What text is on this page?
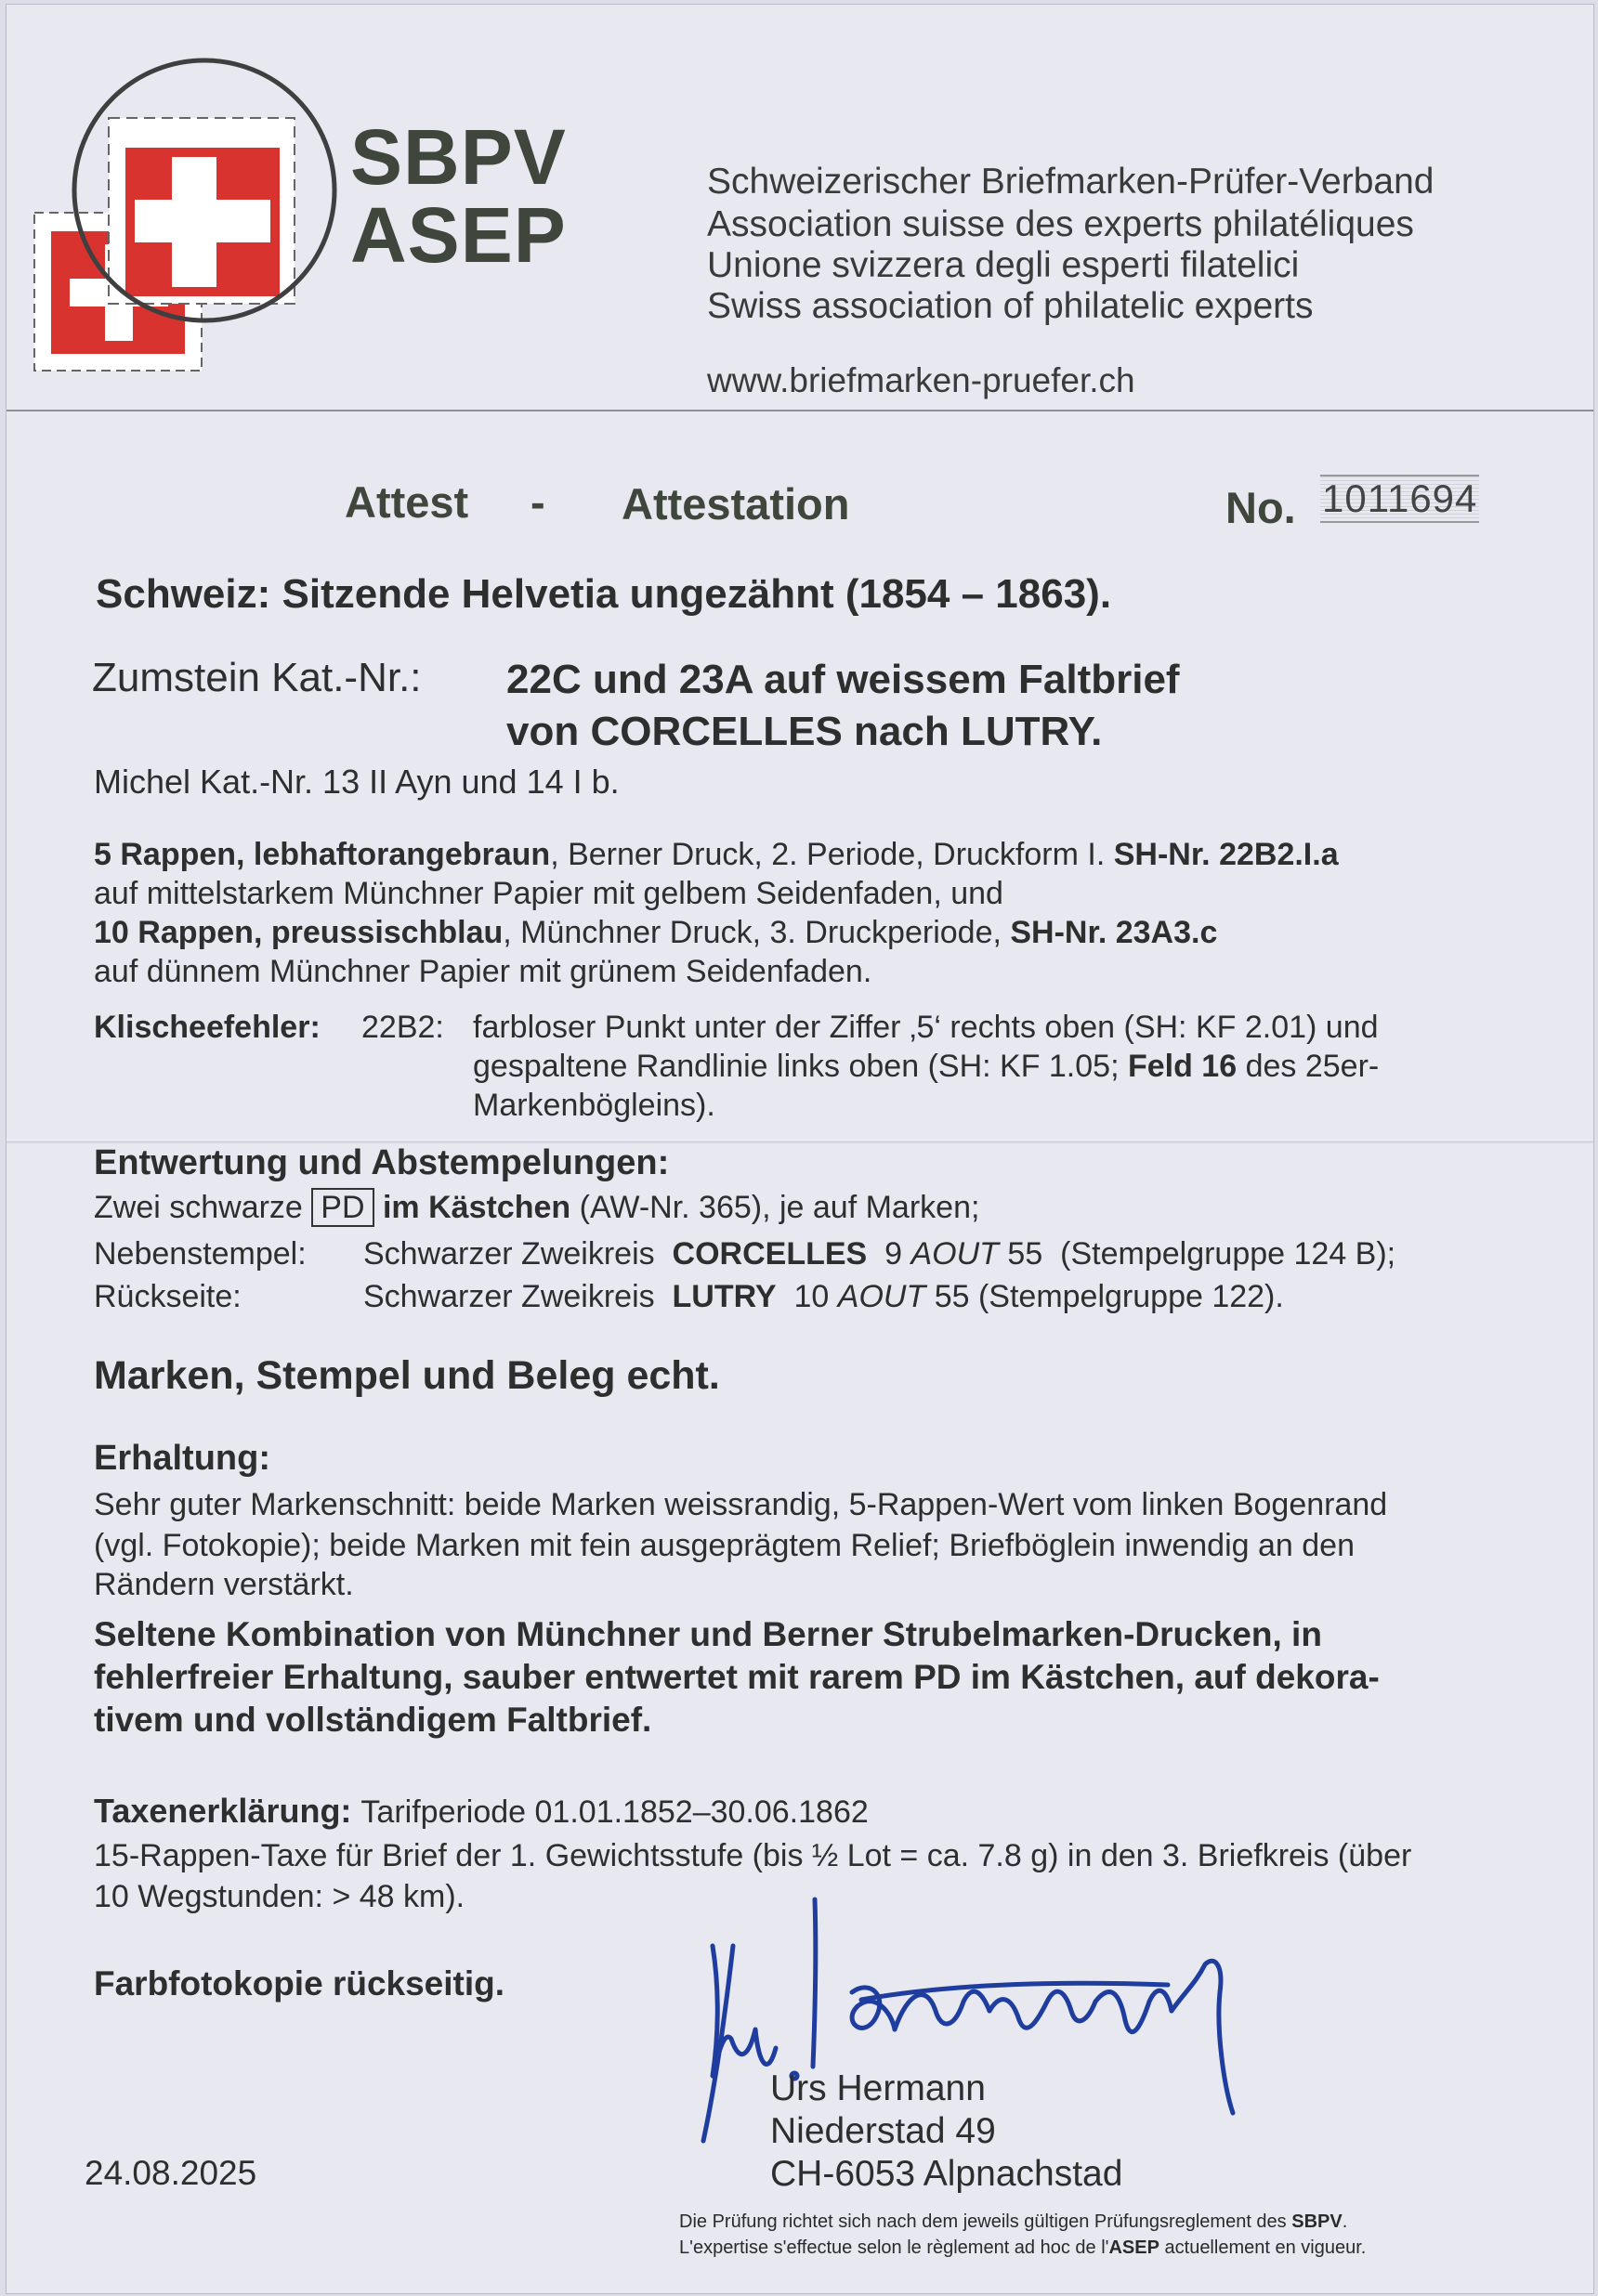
SBPV
ASEP
Schweizerischer Briefmarken-Prüfer-Verband
Association suisse des experts philatéliques
Unione svizzera degli esperti filatelici
Swiss association of philatelic experts
www.briefmarken-pruefer.ch
Attest - Attestation	No. 1011694
Schweiz: Sitzende Helvetia ungezähnt (1854 – 1863).
Zumstein Kat.-Nr.: 22C und 23A auf weissem Faltbrief
von CORCELLES nach LUTRY.
Michel Kat.-Nr. 13 II Ayn und 14 I b.
5 Rappen, lebhaftorangebraun, Berner Druck, 2. Periode, Druckform I. SH-Nr. 22B2.I.a
auf mittelstarkem Münchner Papier mit gelbem Seidenfaden, und
10 Rappen, preussischblau, Münchner Druck, 3. Druckperiode, SH-Nr. 23A3.c
auf dünnem Münchner Papier mit grünem Seidenfaden.
Klischeefehler: 22B2: farbloser Punkt unter der Ziffer ‚5‘ rechts oben (SH: KF 2.01) und
gespaltene Randlinie links oben (SH: KF 1.05; Feld 16 des 25er-
Markenbögleins).
Entwertung und Abstempelungen:
Zwei schwarze PD im Kästchen (AW-Nr. 365), je auf Marken;
Nebenstempel: Schwarzer Zweikreis CORCELLES 9 AOUT 55 (Stempelgruppe 124 B);
Rückseite:	Schwarzer Zweikreis LUTRY 10 AOUT 55 (Stempelgruppe 122).
Marken, Stempel und Beleg echt.
Erhaltung:
Sehr guter Markenschnitt: beide Marken weissrandig, 5-Rappen-Wert vom linken Bogenrand
(vgl. Fotokopie); beide Marken mit fein ausgeprägtem Relief; Briefböglein inwendig an den
Rändern verstärkt.
Seltene Kombination von Münchner und Berner Strubelmarken-Drucken, in
fehlerfreier Erhaltung, sauber entwertet mit rarem PD im Kästchen, auf dekora-
tivem und vollständigem Faltbrief.
Taxenerklärung: Tarifperiode 01.01.1852–30.06.1862
15-Rappen-Taxe für Brief der 1. Gewichtsstufe (bis ½ Lot = ca. 7.8 g) in den 3. Briefkreis (über
10 Wegstunden: > 48 km).
Farbfotokopie rückseitig.
Urs Hermann
Niederstad 49
CH-6053 Alpnachstad
24.08.2025
Die Prüfung richtet sich nach dem jeweils gültigen Prüfungsreglement des SBPV.
L'expertise s'effectue selon le règlement ad hoc de l'ASEP actuellement en vigueur.
